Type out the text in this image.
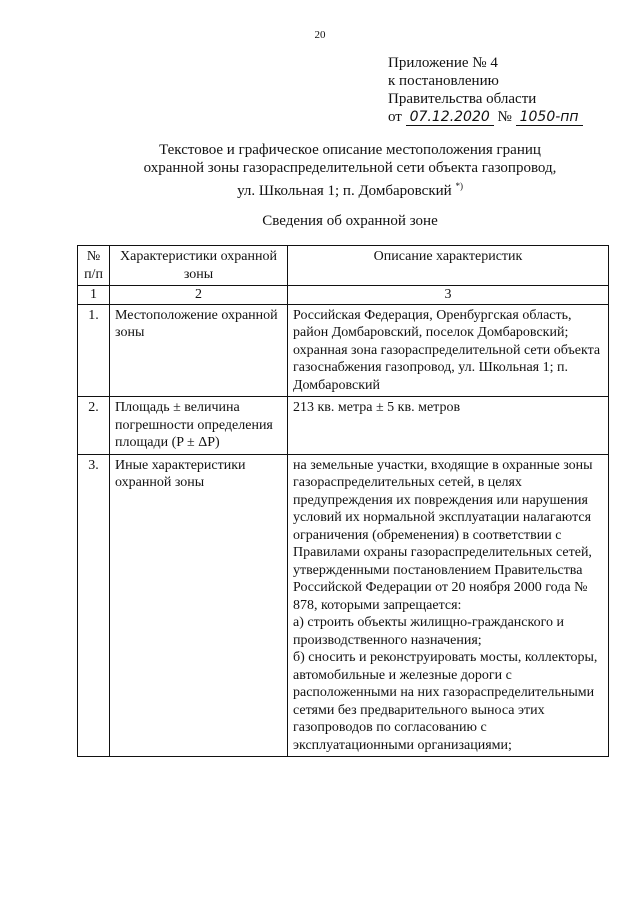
20
Приложение № 4
к постановлению
Правительства области
от 07.12.2020 № 1050-пп
Текстовое и графическое описание местоположения границ
охранной зоны газораспределительной сети объекта газопровод,
ул. Школьная 1; п. Домбаровский *)
Сведения об охранной зоне
№ п/п	Характеристики охранной зоны	Описание характеристик
1	2	3
1.	Местоположение охранной зоны	Российская Федерация, Оренбургская область, район Домбаровский, поселок Домбаровский; охранная зона газораспределительной сети объекта газоснабжения газопровод, ул. Школьная 1; п. Домбаровский
2.	Площадь ± величина погрешности определения площади (P ± ΔP)	213 кв. метра ± 5 кв. метров
3.	Иные характеристики охранной зоны	на земельные участки, входящие в охранные зоны газораспределительных сетей, в целях предупреждения их повреждения или нарушения условий их нормальной эксплуатации налагаются ограничения (обременения) в соответствии с Правилами охраны газораспределительных сетей, утвержденными постановлением Правительства Российской Федерации от 20 ноября 2000 года № 878, которыми запрещается:
а) строить объекты жилищно-гражданского и производственного назначения;
б) сносить и реконструировать мосты, коллекторы, автомобильные и железные дороги с расположенными на них газораспределительными сетями без предварительного выноса этих газопроводов по согласованию с эксплуатационными организациями;
